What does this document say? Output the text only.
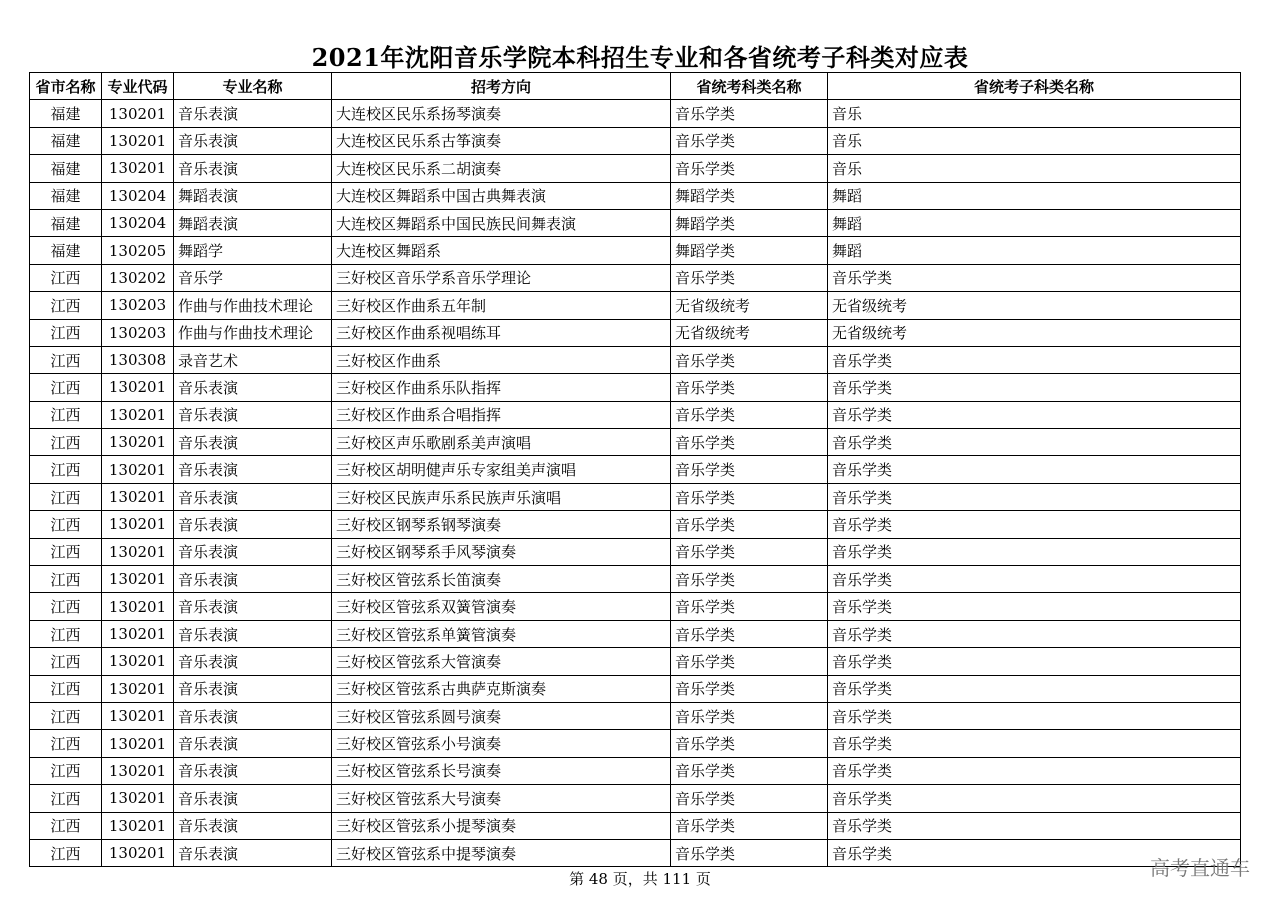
2021年沈阳音乐学院本科招生专业和各省统考子科类对应表
省市名称	专业代码	专业名称	招考方向	省统考科类名称	省统考子科类名称
福建	130201	音乐表演	大连校区民乐系扬琴演奏	音乐学类	音乐
福建	130201	音乐表演	大连校区民乐系古筝演奏	音乐学类	音乐
福建	130201	音乐表演	大连校区民乐系二胡演奏	音乐学类	音乐
福建	130204	舞蹈表演	大连校区舞蹈系中国古典舞表演	舞蹈学类	舞蹈
福建	130204	舞蹈表演	大连校区舞蹈系中国民族民间舞表演	舞蹈学类	舞蹈
福建	130205	舞蹈学	大连校区舞蹈系	舞蹈学类	舞蹈
江西	130202	音乐学	三好校区音乐学系音乐学理论	音乐学类	音乐学类
江西	130203	作曲与作曲技术理论	三好校区作曲系五年制	无省级统考	无省级统考
江西	130203	作曲与作曲技术理论	三好校区作曲系视唱练耳	无省级统考	无省级统考
江西	130308	录音艺术	三好校区作曲系	音乐学类	音乐学类
江西	130201	音乐表演	三好校区作曲系乐队指挥	音乐学类	音乐学类
江西	130201	音乐表演	三好校区作曲系合唱指挥	音乐学类	音乐学类
江西	130201	音乐表演	三好校区声乐歌剧系美声演唱	音乐学类	音乐学类
江西	130201	音乐表演	三好校区胡明健声乐专家组美声演唱	音乐学类	音乐学类
江西	130201	音乐表演	三好校区民族声乐系民族声乐演唱	音乐学类	音乐学类
江西	130201	音乐表演	三好校区钢琴系钢琴演奏	音乐学类	音乐学类
江西	130201	音乐表演	三好校区钢琴系手风琴演奏	音乐学类	音乐学类
江西	130201	音乐表演	三好校区管弦系长笛演奏	音乐学类	音乐学类
江西	130201	音乐表演	三好校区管弦系双簧管演奏	音乐学类	音乐学类
江西	130201	音乐表演	三好校区管弦系单簧管演奏	音乐学类	音乐学类
江西	130201	音乐表演	三好校区管弦系大管演奏	音乐学类	音乐学类
江西	130201	音乐表演	三好校区管弦系古典萨克斯演奏	音乐学类	音乐学类
江西	130201	音乐表演	三好校区管弦系圆号演奏	音乐学类	音乐学类
江西	130201	音乐表演	三好校区管弦系小号演奏	音乐学类	音乐学类
江西	130201	音乐表演	三好校区管弦系长号演奏	音乐学类	音乐学类
江西	130201	音乐表演	三好校区管弦系大号演奏	音乐学类	音乐学类
江西	130201	音乐表演	三好校区管弦系小提琴演奏	音乐学类	音乐学类
江西	130201	音乐表演	三好校区管弦系中提琴演奏	音乐学类	音乐学类
第 48 页，共 111 页	高考直通车
